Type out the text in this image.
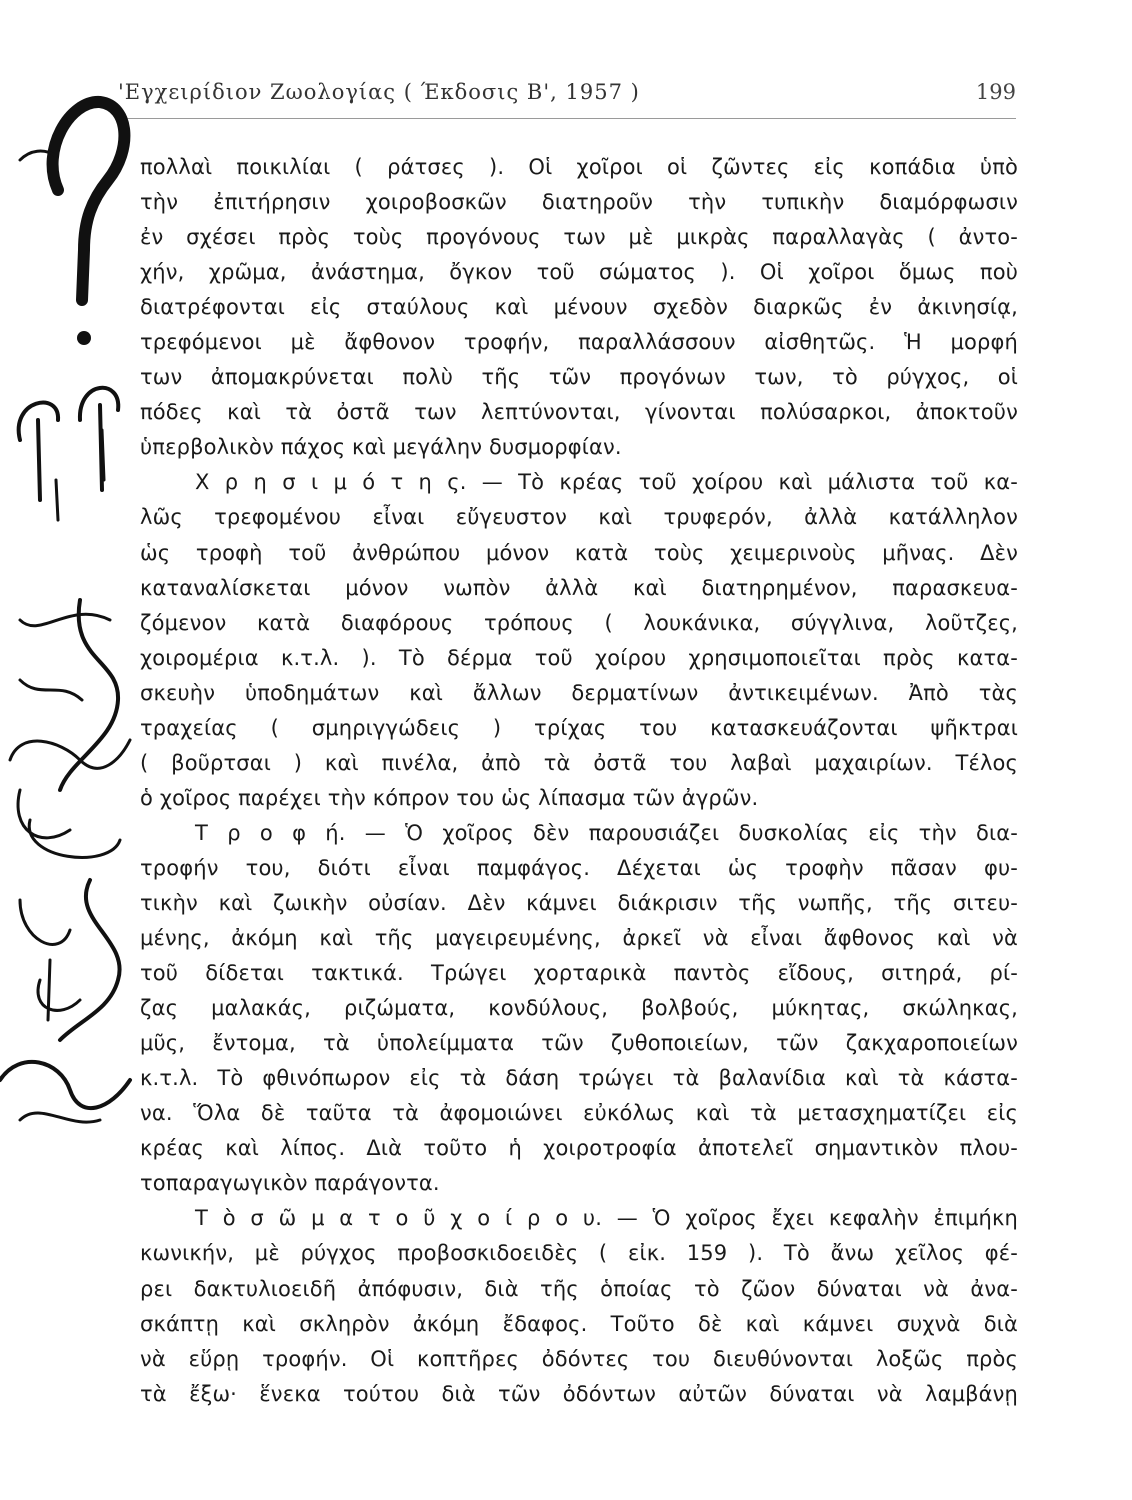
'Εγχειρίδιον Ζωολογίας ( Έκδοσις Β', 1957 )	199
πολλαὶ ποικιλίαι ( ράτσες ). Οἱ χοῖροι οἱ ζῶντες εἰς κοπάδια ὑπὸ
τὴν ἐπιτήρησιν χοιροβοσκῶν διατηροῦν τὴν τυπικὴν διαμόρφωσιν
ἐν σχέσει πρὸς τοὺς προγόνους των μὲ μικρὰς παραλλαγὰς ( ἀντο-
χήν, χρῶμα, ἀνάστημα, ὄγκον τοῦ σώματος ). Οἱ χοῖροι ὅμως ποὺ
διατρέφονται εἰς σταύλους καὶ μένουν σχεδὸν διαρκῶς ἐν ἀκινησίᾳ,
τρεφόμενοι μὲ ἄφθονον τροφήν, παραλλάσσουν αἰσθητῶς. Ἡ μορφή
των ἀπομακρύνεται πολὺ τῆς τῶν προγόνων των, τὸ ρύγχος, οἱ
πόδες καὶ τὰ ὀστᾶ των λεπτύνονται, γίνονται πολύσαρκοι, ἀποκτοῦν
ὑπερβολικὸν πάχος καὶ μεγάλην δυσμορφίαν.
Χ ρ η σ ι μ ό τ η ς. — Τὸ κρέας τοῦ χοίρου καὶ μάλιστα τοῦ κα-
λῶς τρεφομένου εἶναι εὔγευστον καὶ τρυφερόν, ἀλλὰ κατάλληλον
ὡς τροφὴ τοῦ ἀνθρώπου μόνον κατὰ τοὺς χειμερινοὺς μῆνας. Δὲν
καταναλίσκεται μόνον νωπὸν ἀλλὰ καὶ διατηρημένον, παρασκευα-
ζόμενον κατὰ διαφόρους τρόπους ( λουκάνικα, σύγγλινα, λοῦτζες,
χοιρομέρια κ.τ.λ. ). Τὸ δέρμα τοῦ χοίρου χρησιμοποιεῖται πρὸς κατα-
σκευὴν ὑποδημάτων καὶ ἄλλων δερματίνων ἀντικειμένων. Ἀπὸ τὰς
τραχείας ( σμηριγγώδεις ) τρίχας του κατασκευάζονται ψῆκτραι
( βοῦρτσαι ) καὶ πινέλα, ἀπὸ τὰ ὀστᾶ του λαβαὶ μαχαιρίων. Τέλος
ὁ χοῖρος παρέχει τὴν κόπρον του ὡς λίπασμα τῶν ἀγρῶν.
Τ ρ ο φ ή. — Ὁ χοῖρος δὲν παρουσιάζει δυσκολίας εἰς τὴν δια-
τροφήν του, διότι εἶναι παμφάγος. Δέχεται ὡς τροφὴν πᾶσαν φυ-
τικὴν καὶ ζωικὴν οὐσίαν. Δὲν κάμνει διάκρισιν τῆς νωπῆς, τῆς σιτευ-
μένης, ἀκόμη καὶ τῆς μαγειρευμένης, ἀρκεῖ νὰ εἶναι ἄφθονος καὶ νὰ
τοῦ δίδεται τακτικά. Τρώγει χορταρικὰ παντὸς εἴδους, σιτηρά, ρί-
ζας μαλακάς, ριζώματα, κονδύλους, βολβούς, μύκητας, σκώληκας,
μῦς, ἔντομα, τὰ ὑπολείμματα τῶν ζυθοποιείων, τῶν ζακχαροποιείων
κ.τ.λ. Τὸ φθινόπωρον εἰς τὰ δάση τρώγει τὰ βαλανίδια καὶ τὰ κάστα-
να. Ὅλα δὲ ταῦτα τὰ ἀφομοιώνει εὐκόλως καὶ τὰ μετασχηματίζει εἰς
κρέας καὶ λίπος. Διὰ τοῦτο ἡ χοιροτροφία ἀποτελεῖ σημαντικὸν πλου-
τοπαραγωγικὸν παράγοντα.
Τ ὸ σ ῶ μ α τ ο ῦ χ ο ί ρ ο υ. — Ὁ χοῖρος ἔχει κεφαλὴν ἐπιμήκη
κωνικήν, μὲ ρύγχος προβοσκιδοειδὲς ( εἰκ. 159 ). Τὸ ἄνω χεῖλος φέ-
ρει δακτυλιοειδῆ ἀπόφυσιν, διὰ τῆς ὁποίας τὸ ζῶον δύναται νὰ ἀνα-
σκάπτῃ καὶ σκληρὸν ἀκόμη ἔδαφος. Τοῦτο δὲ καὶ κάμνει συχνὰ διὰ
νὰ εὕρῃ τροφήν. Οἱ κοπτῆρες ὀδόντες του διευθύνονται λοξῶς πρὸς
τὰ ἔξω· ἕνεκα τούτου διὰ τῶν ὀδόντων αὐτῶν δύναται νὰ λαμβάνῃ
